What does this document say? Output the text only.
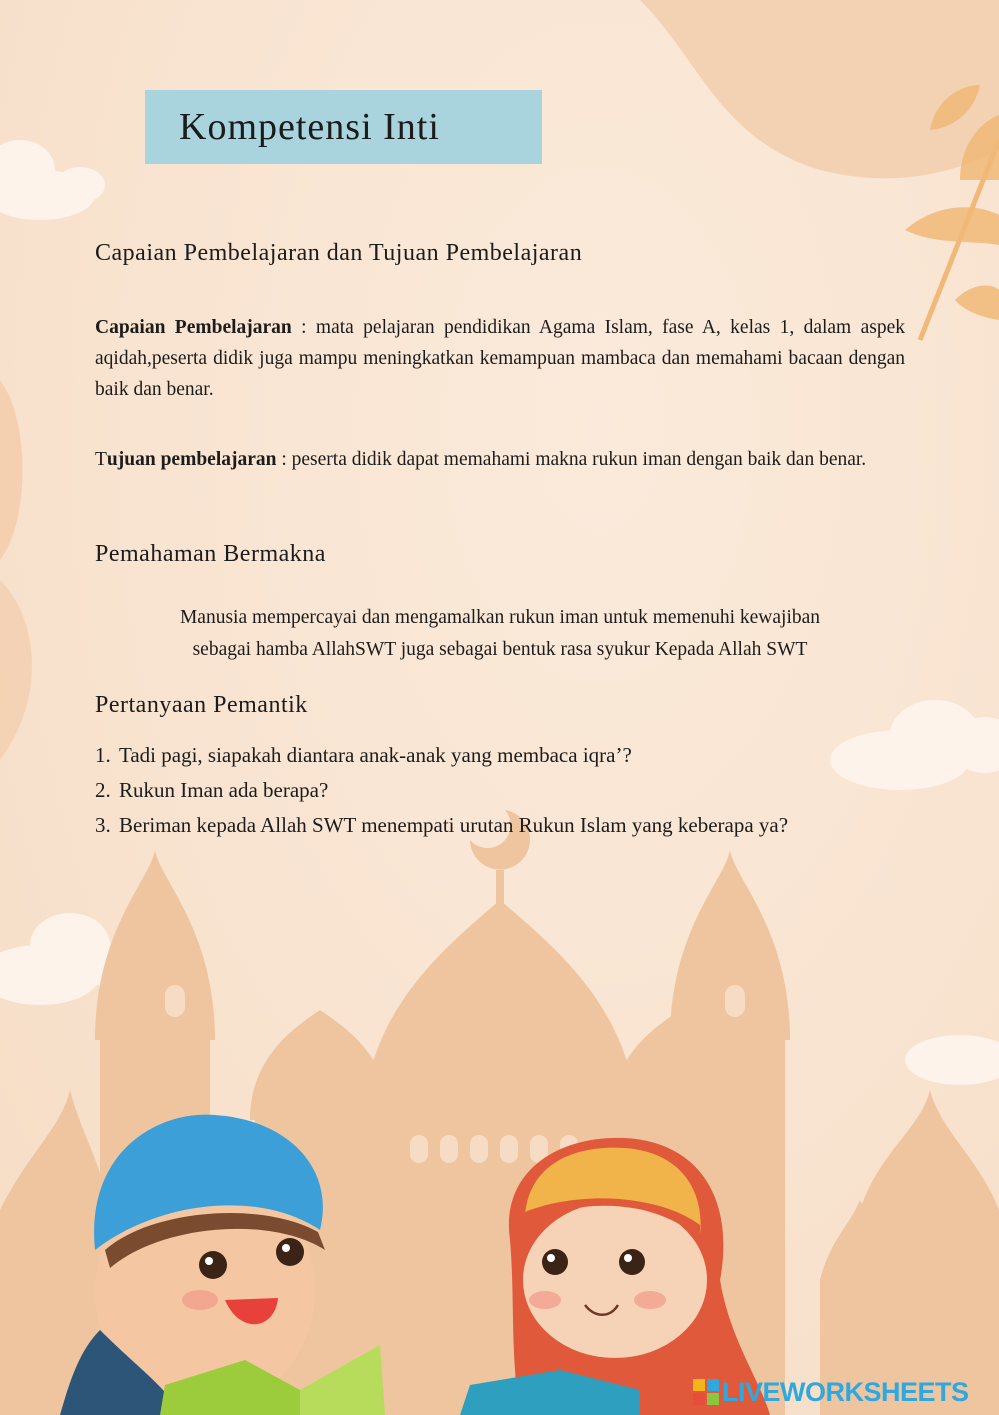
Kompetensi Inti
Capaian Pembelajaran dan Tujuan Pembelajaran
Capaian Pembelajaran : mata pelajaran pendidikan Agama Islam, fase A, kelas 1, dalam aspek aqidah,peserta didik juga mampu meningkatkan kemampuan mambaca dan memahami bacaan dengan baik dan benar.
Tujuan pembelajaran : peserta didik dapat memahami makna rukun iman dengan baik dan benar.
Pemahaman Bermakna
Manusia mempercayai dan mengamalkan rukun iman untuk memenuhi kewajiban
sebagai hamba AllahSWT juga sebagai bentuk rasa syukur Kepada Allah SWT
Pertanyaan Pemantik
1. Tadi pagi, siapakah diantara anak-anak yang membaca iqra’?
2. Rukun Iman ada berapa?
3. Beriman kepada Allah SWT menempati urutan Rukun Islam yang keberapa ya?
LIVEWORKSHEETS
